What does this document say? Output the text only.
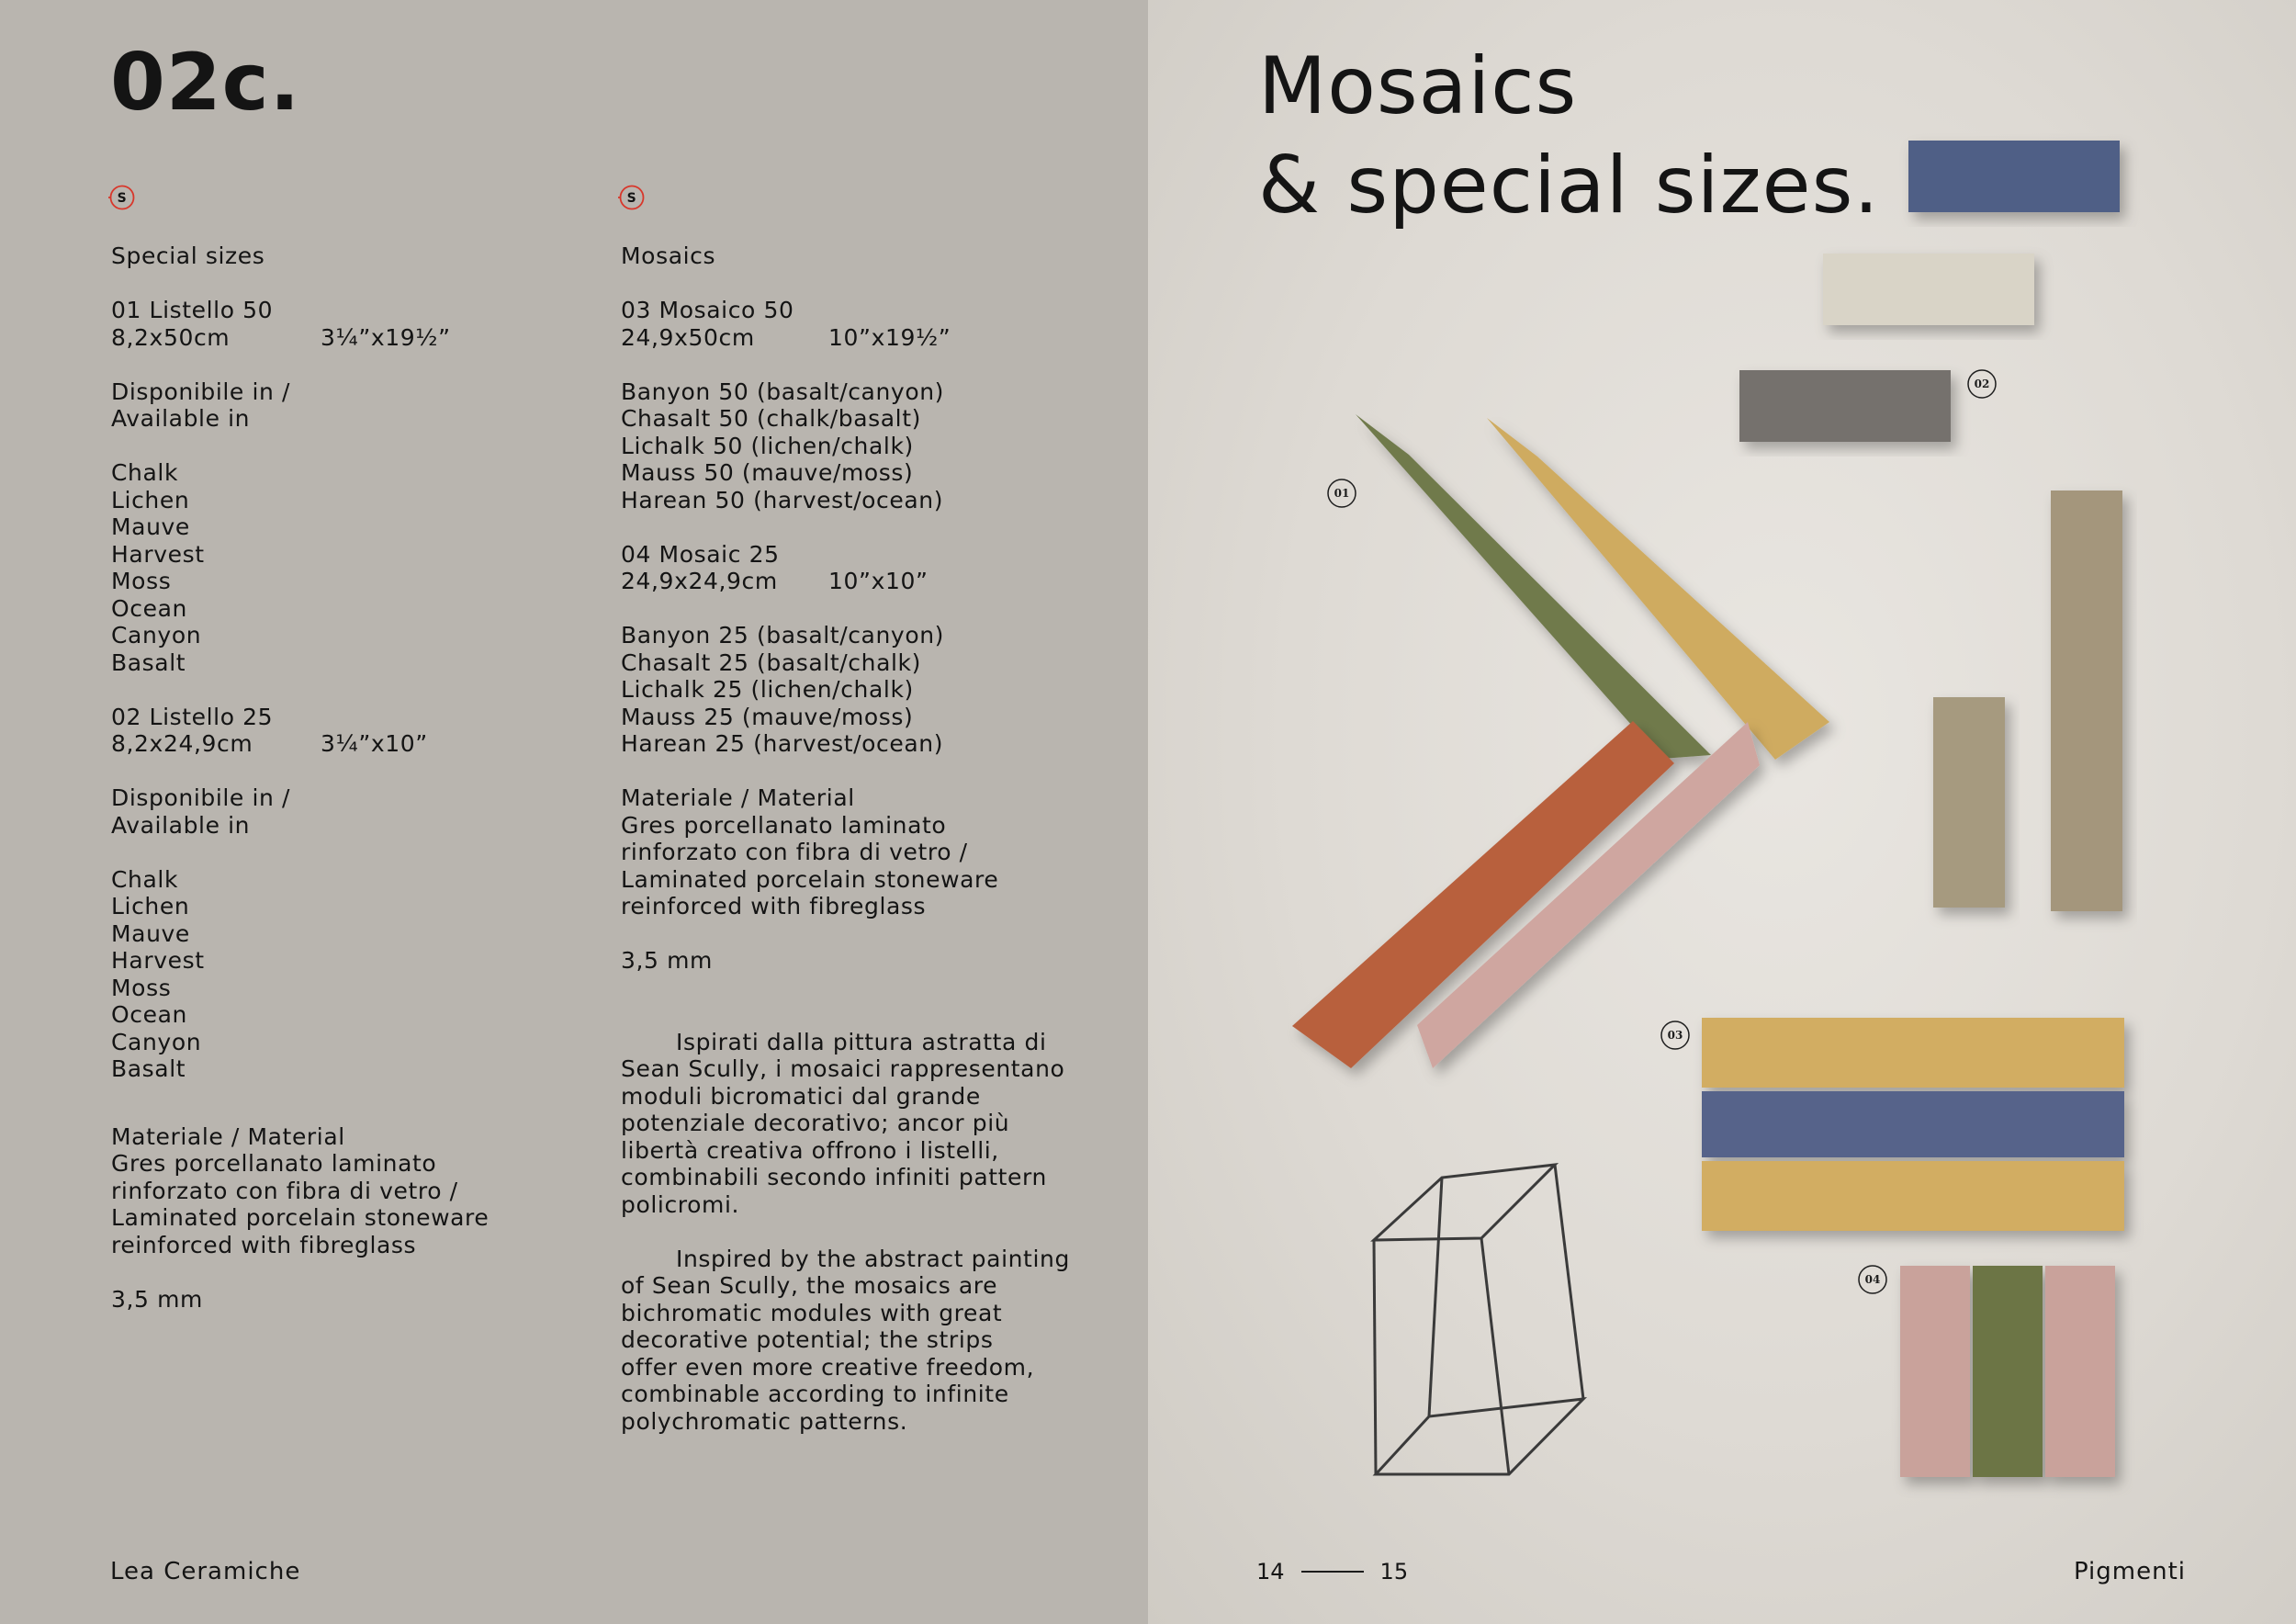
02c.
S
Special sizes
01 Listello 50
8,2x50cm	3¼”x19½”
Disponibile in /
Available in
Chalk
Lichen
Mauve
Harvest
Moss
Ocean
Canyon
Basalt
02 Listello 25
8,2x24,9cm	3¼”x10”
Disponibile in /
Available in
Chalk
Lichen
Mauve
Harvest
Moss
Ocean
Canyon
Basalt
Materiale / Material
Gres porcellanato laminato
rinforzato con fibra di vetro /
Laminated porcelain stoneware
reinforced with fibreglass
3,5 mm
S
Mosaics
03 Mosaico 50
24,9x50cm	10”x19½”
Banyon 50 (basalt/canyon)
Chasalt 50 (chalk/basalt)
Lichalk 50 (lichen/chalk)
Mauss 50 (mauve/moss)
Harean 50 (harvest/ocean)
04 Mosaic 25
24,9x24,9cm	10”x10”
Banyon 25 (basalt/canyon)
Chasalt 25 (basalt/chalk)
Lichalk 25 (lichen/chalk)
Mauss 25 (mauve/moss)
Harean 25 (harvest/ocean)
Materiale / Material
Gres porcellanato laminato
rinforzato con fibra di vetro /
Laminated porcelain stoneware
reinforced with fibreglass
3,5 mm
Ispirati dalla pittura astratta di
Sean Scully, i mosaici rappresentano
moduli bicromatici dal grande
potenziale decorativo; ancor più
libertà creativa offrono i listelli,
combinabili secondo infiniti pattern
policromi.
Inspired by the abstract painting
of Sean Scully, the mosaics are
bichromatic modules with great
decorative potential; the strips
offer even more creative freedom,
combinable according to infinite
polychromatic patterns.
Lea Ceramiche
01
02
03
04
Mosaics
& special sizes.
14	15	Pigmenti
